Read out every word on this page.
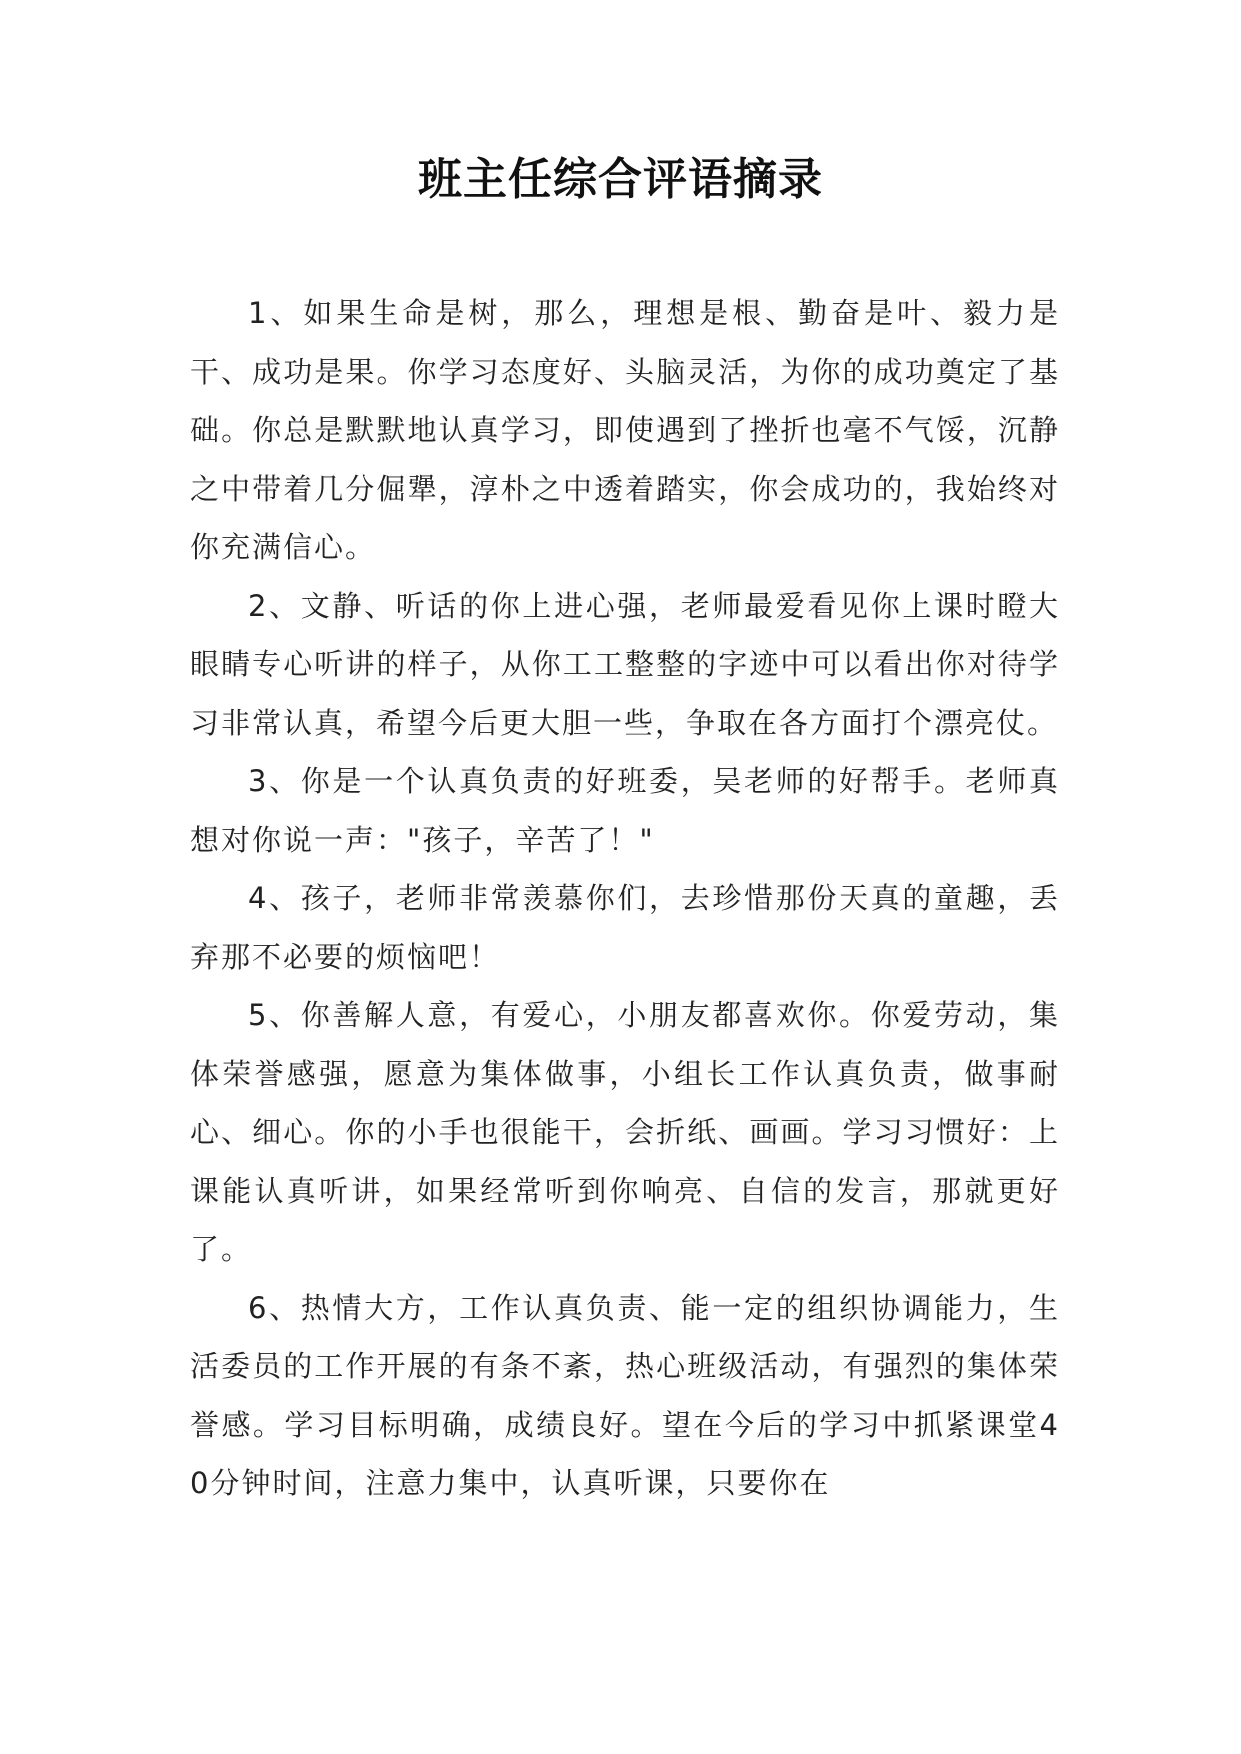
班主任综合评语摘录

1、如果生命是树，那么，理想是根、勤奋是叶、毅力是干、成功是果。你学习态度好、头脑灵活，为你的成功奠定了基础。你总是默默地认真学习，即使遇到了挫折也毫不气馁，沉静之中带着几分倔犟，淳朴之中透着踏实，你会成功的，我始终对你充满信心。

2、文静、听话的你上进心强，老师最爱看见你上课时瞪大眼睛专心听讲的样子，从你工工整整的字迹中可以看出你对待学习非常认真，希望今后更大胆一些，争取在各方面打个漂亮仗。

3、你是一个认真负责的好班委，吴老师的好帮手。老师真想对你说一声："孩子，辛苦了！"

4、孩子，老师非常羡慕你们，去珍惜那份天真的童趣，丢弃那不必要的烦恼吧！

5、你善解人意，有爱心，小朋友都喜欢你。你爱劳动，集体荣誉感强，愿意为集体做事，小组长工作认真负责，做事耐心、细心。你的小手也很能干，会折纸、画画。学习习惯好：上课能认真听讲，如果经常听到你响亮、自信的发言，那就更好了。

6、热情大方，工作认真负责、能一定的组织协调能力，生活委员的工作开展的有条不紊，热心班级活动，有强烈的集体荣誉感。学习目标明确，成绩良好。望在今后的学习中抓紧课堂40分钟时间，注意力集中，认真听课，只要你在
